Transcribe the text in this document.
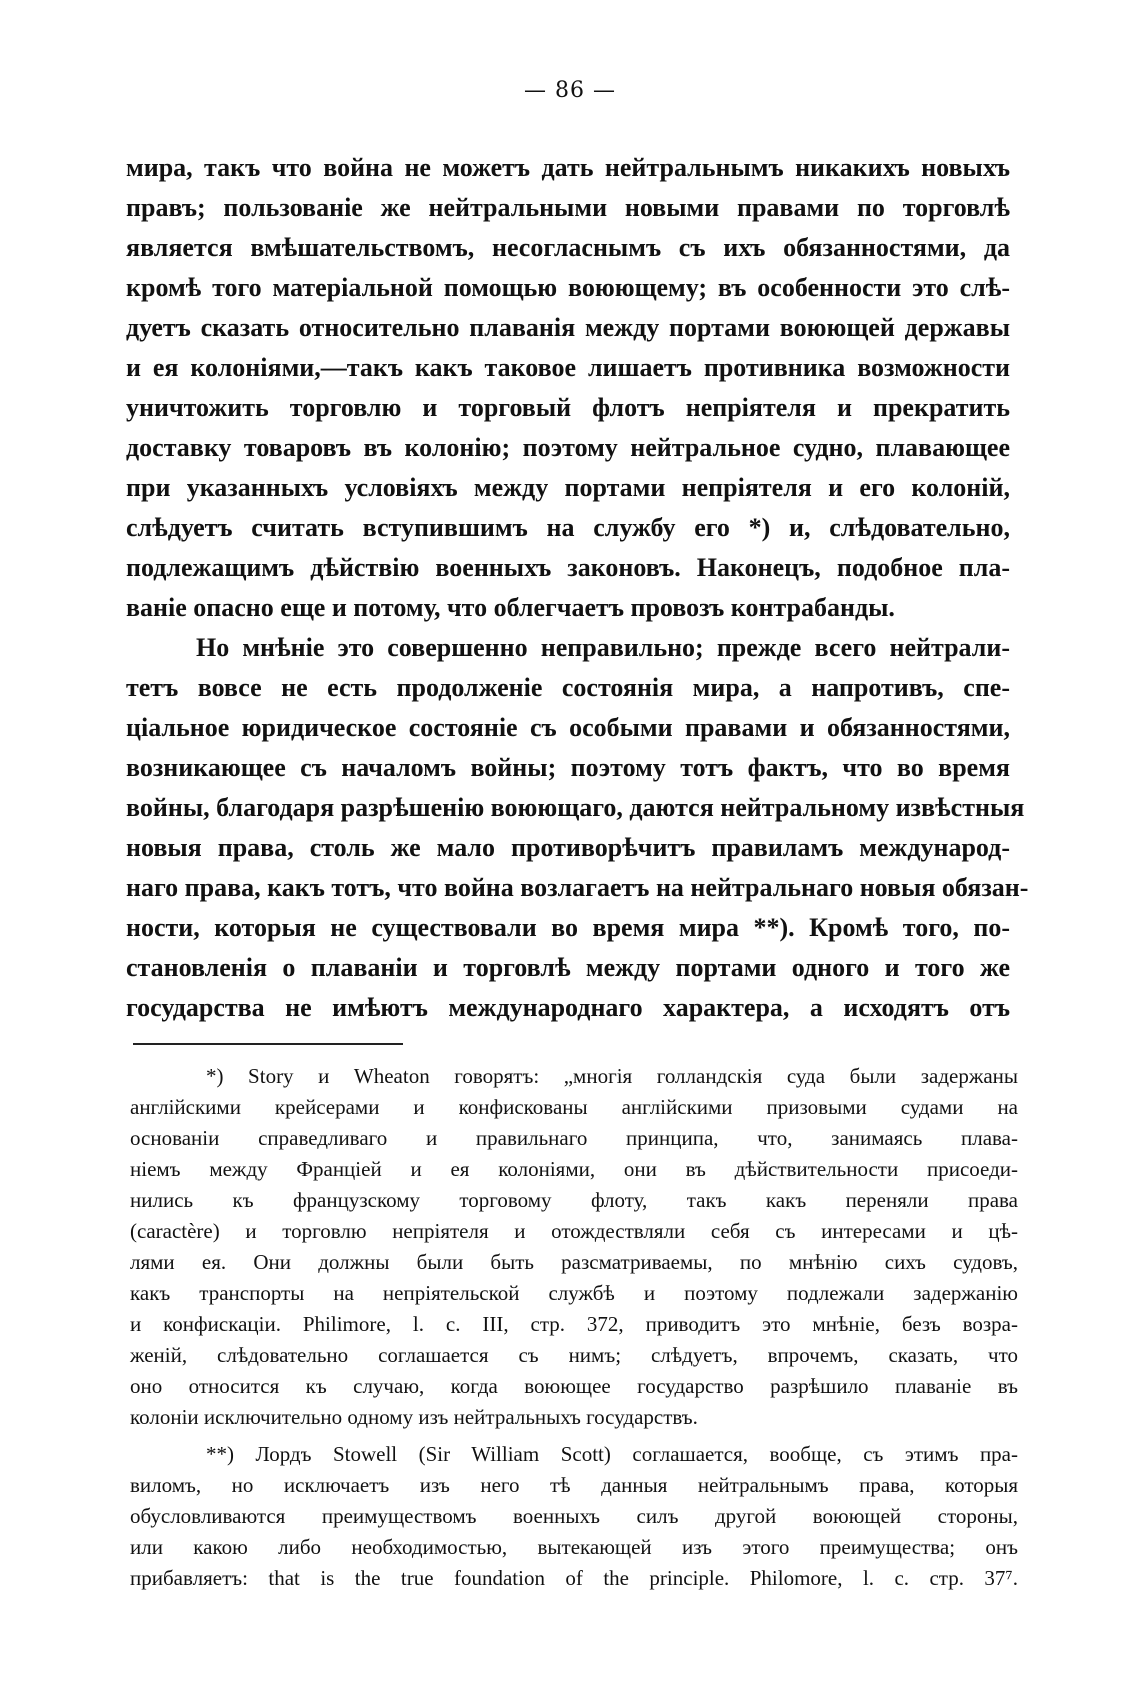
— 86 —
мира, такъ что война не можетъ дать нейтральнымъ никакихъ новыхъ
правъ; пользованіе же нейтральными новыми правами по торговлѣ
является вмѣшательствомъ, несогласнымъ съ ихъ обязанностями, да
кромѣ того матеріальной помощью воюющему; въ особенности это слѣ-
дуетъ сказать относительно плаванія между портами воюющей державы
и ея колоніями,—такъ какъ таковое лишаетъ противника возможности
уничтожить торговлю и торговый флотъ непріятеля и прекратить
доставку товаровъ въ колонію; поэтому нейтральное судно, плавающее
при указанныхъ условіяхъ между портами непріятеля и его колоній,
слѣдуетъ считать вступившимъ на службу его *) и, слѣдовательно,
подлежащимъ дѣйствію военныхъ законовъ. Наконецъ, подобное пла-
ваніе опасно еще и потому, что облегчаетъ провозъ контрабанды.
Но мнѣніе это совершенно неправильно; прежде всего нейтрали-
тетъ вовсе не есть продолженіе состоянія мира, а напротивъ, спе-
ціальное юридическое состояніе съ особыми правами и обязанностями,
возникающее съ началомъ войны; поэтому тотъ фактъ, что во время
войны, благодаря разрѣшенію воюющаго, даются нейтральному извѣстныя
новыя права, столь же мало противорѣчитъ правиламъ международ-
наго права, какъ тотъ, что война возлагаетъ на нейтральнаго новыя обязан-
ности, которыя не существовали во время мира **). Кромѣ того, по-
становленія о плаваніи и торговлѣ между портами одного и того же
государства не имѣютъ международнаго характера, а исходятъ отъ
*) Story и Wheaton говорятъ: „многія голландскія суда были задержаны
англійскими крейсерами и конфискованы англійскими призовыми судами на
основаніи справедливаго и правильнаго принципа, что, занимаясь плава-
ніемъ между Франціей и ея колоніями, они въ дѣйствительности присоеди-
нились къ французскому торговому флоту, такъ какъ переняли права
(caractère) и торговлю непріятеля и отождествляли себя съ интересами и цѣ-
лями ея. Они должны были быть разсматриваемы, по мнѣнію сихъ судовъ,
какъ транспорты на непріятельской службѣ и поэтому подлежали задержанію
и конфискаціи. Philimore, l. c. III, стр. 372, приводитъ это мнѣніе, безъ возра-
женій, слѣдовательно соглашается съ нимъ; слѣдуетъ, впрочемъ, сказать, что
оно относится къ случаю, когда воюющее государство разрѣшило плаваніе въ
колоніи исключительно одному изъ нейтральныхъ государствъ.
**) Лордъ Stowell (Sir William Scott) соглашается, вообще, съ этимъ пра-
виломъ, но исключаетъ изъ него тѣ данныя нейтральнымъ права, которыя
обусловливаются преимуществомъ военныхъ силъ другой воюющей стороны,
или какою либо необходимостью, вытекающей изъ этого преимущества; онъ
прибавляетъ: that is the true foundation of the principle. Philomore, l. c. стр. 37⁷.
